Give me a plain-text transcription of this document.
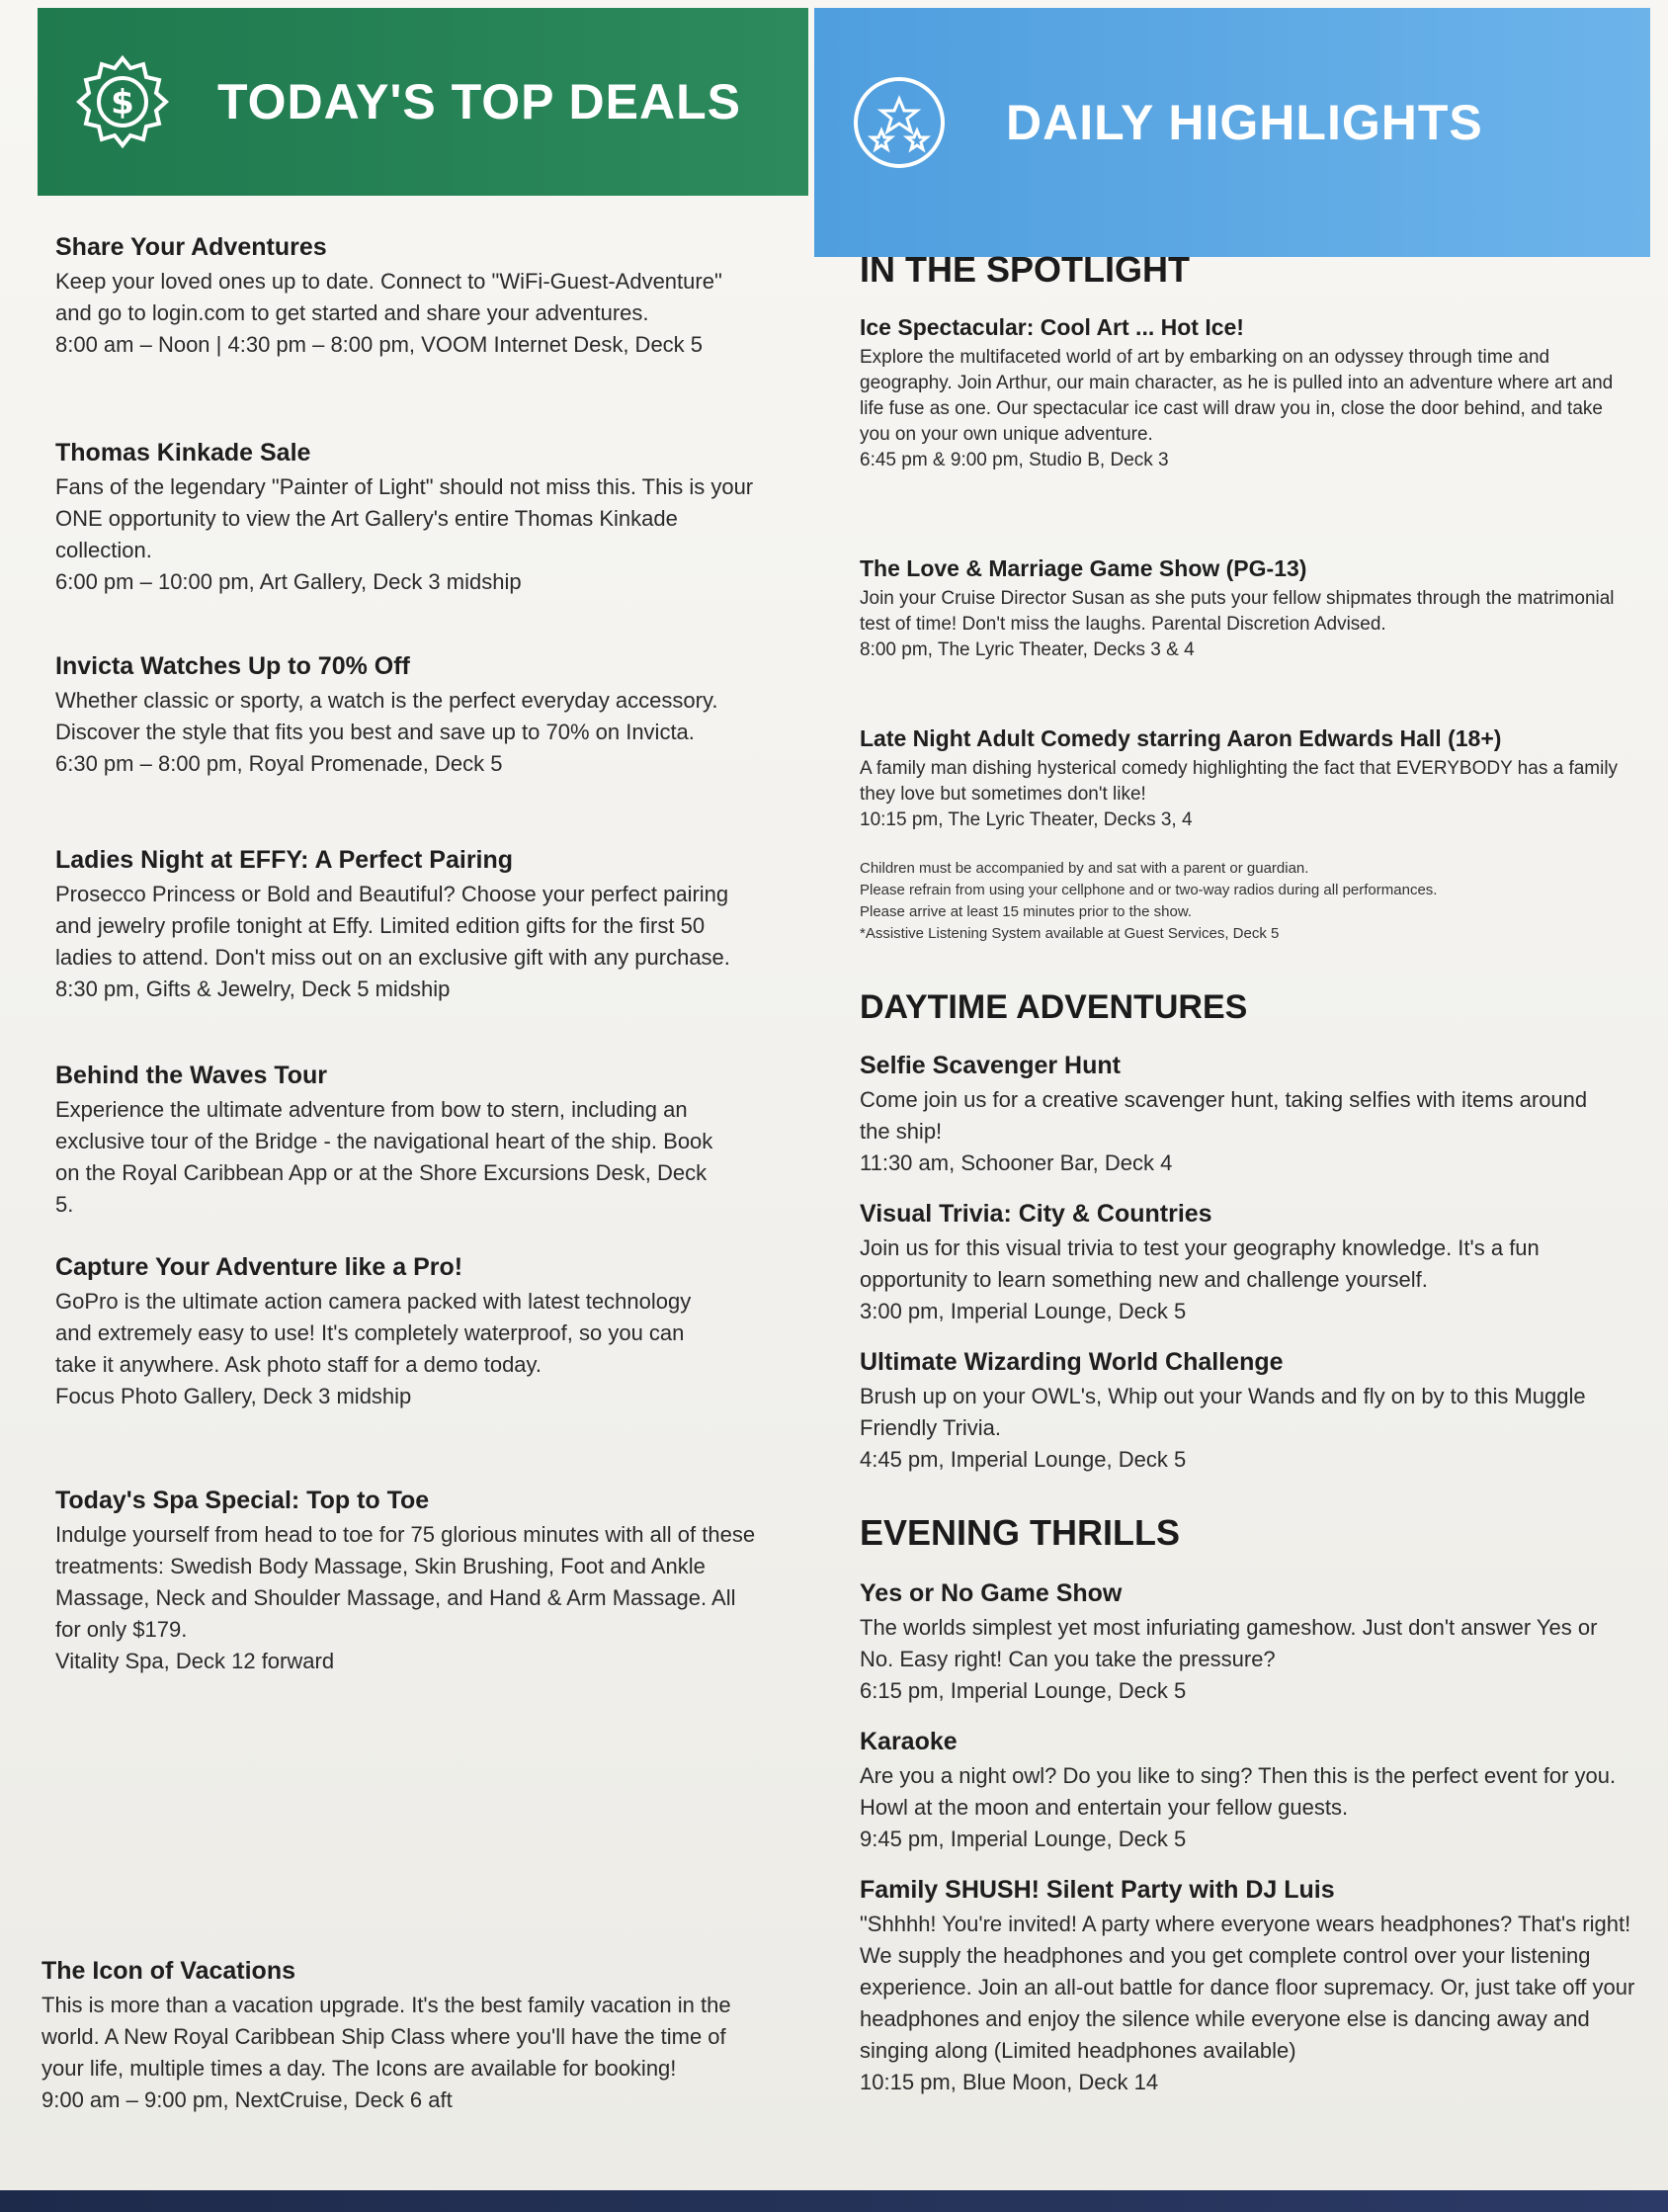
$ TODAY'S TOP DEALS	DAILY HIGHLIGHTS

Share Your Adventures

Keep your loved ones up to date. Connect to "WiFi-Guest-Adventure" and go to login.com to get started and share your adventures.

8:00 am – Noon | 4:30 pm – 8:00 pm, VOOM Internet Desk, Deck 5

Thomas Kinkade Sale

Fans of the legendary "Painter of Light" should not miss this. This is your ONE opportunity to view the Art Gallery's entire Thomas Kinkade collection.

6:00 pm – 10:00 pm, Art Gallery, Deck 3 midship

Invicta Watches Up to 70% Off

Whether classic or sporty, a watch is the perfect everyday accessory. Discover the style that fits you best and save up to 70% on Invicta.

6:30 pm – 8:00 pm, Royal Promenade, Deck 5

Ladies Night at EFFY: A Perfect Pairing

Prosecco Princess or Bold and Beautiful? Choose your perfect pairing and jewelry profile tonight at Effy. Limited edition gifts for the first 50 ladies to attend. Don't miss out on an exclusive gift with any purchase.

8:30 pm, Gifts & Jewelry, Deck 5 midship

Behind the Waves Tour

Experience the ultimate adventure from bow to stern, including an exclusive tour of the Bridge - the navigational heart of the ship. Book on the Royal Caribbean App or at the Shore Excursions Desk, Deck 5.

Capture Your Adventure like a Pro!

GoPro is the ultimate action camera packed with latest technology and extremely easy to use! It's completely waterproof, so you can take it anywhere. Ask photo staff for a demo today.

Focus Photo Gallery, Deck 3 midship

Today's Spa Special: Top to Toe

Indulge yourself from head to toe for 75 glorious minutes with all of these treatments: Swedish Body Massage, Skin Brushing, Foot and Ankle Massage, Neck and Shoulder Massage, and Hand & Arm Massage. All for only $179.

Vitality Spa, Deck 12 forward

The Icon of Vacations

This is more than a vacation upgrade. It's the best family vacation in the world. A New Royal Caribbean Ship Class where you'll have the time of your life, multiple times a day. The Icons are available for booking!

9:00 am – 9:00 pm, NextCruise, Deck 6 aft

IN THE SPOTLIGHT

Ice Spectacular: Cool Art ... Hot Ice!

Explore the multifaceted world of art by embarking on an odyssey through time and geography. Join Arthur, our main character, as he is pulled into an adventure where art and life fuse as one. Our spectacular ice cast will draw you in, close the door behind, and take you on your own unique adventure.

6:45 pm & 9:00 pm, Studio B, Deck 3

The Love & Marriage Game Show (PG-13)

Join your Cruise Director Susan as she puts your fellow shipmates through the matrimonial test of time! Don't miss the laughs. Parental Discretion Advised.

8:00 pm, The Lyric Theater, Decks 3 & 4

Late Night Adult Comedy starring Aaron Edwards Hall (18+)

A family man dishing hysterical comedy highlighting the fact that EVERYBODY has a family they love but sometimes don't like!

10:15 pm, The Lyric Theater, Decks 3, 4

Children must be accompanied by and sat with a parent or guardian.
Please refrain from using your cellphone and or two-way radios during all performances.
Please arrive at least 15 minutes prior to the show.
*Assistive Listening System available at Guest Services, Deck 5
DAYTIME ADVENTURES

Selfie Scavenger Hunt

Come join us for a creative scavenger hunt, taking selfies with items around the ship!

11:30 am, Schooner Bar, Deck 4

Visual Trivia: City & Countries

Join us for this visual trivia to test your geography knowledge. It's a fun opportunity to learn something new and challenge yourself.

3:00 pm, Imperial Lounge, Deck 5

Ultimate Wizarding World Challenge

Brush up on your OWL's, Whip out your Wands and fly on by to this Muggle Friendly Trivia.

4:45 pm, Imperial Lounge, Deck 5

EVENING THRILLS

Yes or No Game Show

The worlds simplest yet most infuriating gameshow. Just don't answer Yes or No. Easy right! Can you take the pressure?

6:15 pm, Imperial Lounge, Deck 5

Karaoke

Are you a night owl? Do you like to sing? Then this is the perfect event for you. Howl at the moon and entertain your fellow guests.

9:45 pm, Imperial Lounge, Deck 5

Family SHUSH! Silent Party with DJ Luis

"Shhhh! You're invited! A party where everyone wears headphones? That's right! We supply the headphones and you get complete control over your listening experience. Join an all-out battle for dance floor supremacy. Or, just take off your headphones and enjoy the silence while everyone else is dancing away and singing along (Limited headphones available)

10:15 pm, Blue Moon, Deck 14
